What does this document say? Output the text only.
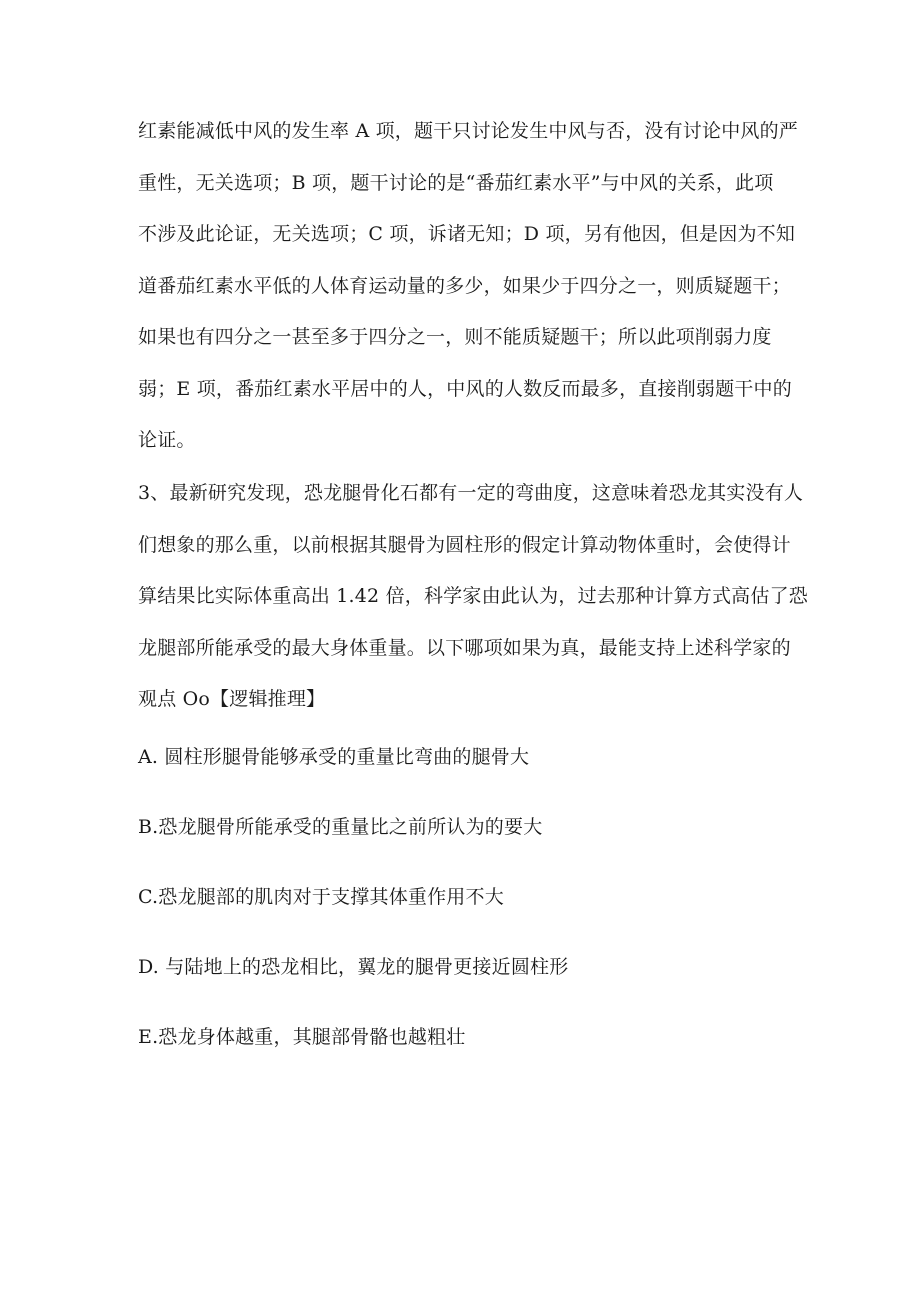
红素能减低中风的发生率 A 项，题干只讨论发生中风与否，没有讨论中风的严
重性，无关选项；B 项，题干讨论的是“番茄红素水平”与中风的关系，此项
不涉及此论证，无关选项；C 项，诉诸无知；D 项，另有他因，但是因为不知
道番茄红素水平低的人体育运动量的多少，如果少于四分之一，则质疑题干；
如果也有四分之一甚至多于四分之一，则不能质疑题干；所以此项削弱力度
弱；E 项，番茄红素水平居中的人，中风的人数反而最多，直接削弱题干中的
论证。
3、最新研究发现，恐龙腿骨化石都有一定的弯曲度，这意味着恐龙其实没有人
们想象的那么重，以前根据其腿骨为圆柱形的假定计算动物体重时，会使得计
算结果比实际体重高出 1.42 倍，科学家由此认为，过去那种计算方式高估了恐
龙腿部所能承受的最大身体重量。以下哪项如果为真，最能支持上述科学家的
观点 Oo【逻辑推理】

A. 圆柱形腿骨能够承受的重量比弯曲的腿骨大

B.恐龙腿骨所能承受的重量比之前所认为的要大

C.恐龙腿部的肌肉对于支撑其体重作用不大

D. 与陆地上的恐龙相比，翼龙的腿骨更接近圆柱形

E.恐龙身体越重，其腿部骨骼也越粗壮
